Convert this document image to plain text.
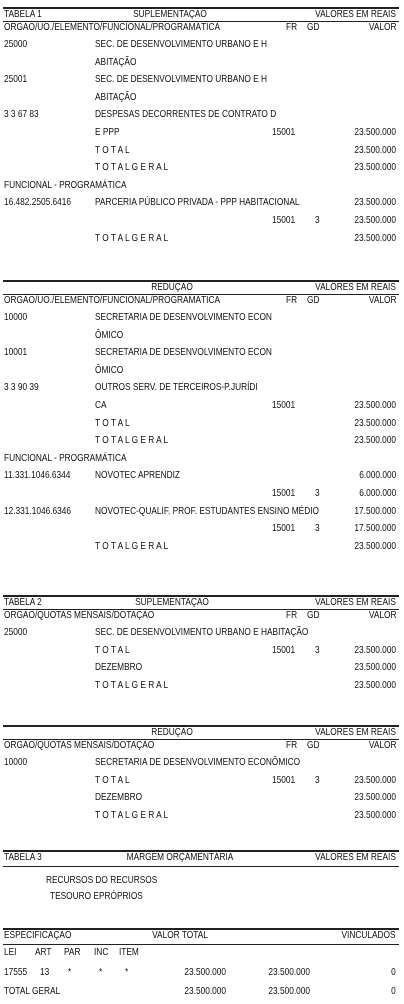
TABELA 1	SUPLEMENTAÇÃO	VALORES EM REAIS
ORGÃO/UO./ELEMENTO/FUNCIONAL/PROGRAMÁTICA	FR GD	VALOR
25000	SEC. DE DESENVOLVIMENTO URBANO E H
ABITAÇÃO
25001	SEC. DE DESENVOLVIMENTO URBANO E H
ABITAÇÃO
3 3 67 83	DESPESAS DECORRENTES DE CONTRATO D
E PPP	15001	23.500.000
T O T A L	23.500.000
T O T A L G E R A L	23.500.000
FUNCIONAL - PROGRAMÁTICA
16.482.2505.6416 PARCERIA PÚBLICO PRIVADA - PPP HABITACIONAL	23.500.000
15001 3	23.500.000
T O T A L G E R A L	23.500.000
REDUÇÃO	VALORES EM REAIS
ORGÃO/UO./ELEMENTO/FUNCIONAL/PROGRAMÁTICA	FR GD	VALOR
10000	SECRETARIA DE DESENVOLVIMENTO ECON
ÔMICO
10001	SECRETARIA DE DESENVOLVIMENTO ECON
ÔMICO
3 3 90 39	OUTROS SERV. DE TERCEIROS-P.JURÍDI
CA	15001	23.500.000
T O T A L	23.500.000
T O T A L G E R A L	23.500.000
FUNCIONAL - PROGRAMÁTICA
11.331.1046.6344 NOVOTEC APRENDIZ	6.000.000
15001 3	6.000.000
12.331.1046.6346 NOVOTEC-QUALIF. PROF. ESTUDANTES ENSINO MÉDIO	17.500.000
15001 3	17.500.000
T O T A L G E R A L	23.500.000
TABELA 2	SUPLEMENTAÇÃO	VALORES EM REAIS
ORGÃO/QUOTAS MENSAIS/DOTAÇÃO	FR GD	VALOR
25000	SEC. DE DESENVOLVIMENTO URBANO E HABITAÇÃO
T O T A L	15001 3	23.500.000
DEZEMBRO	23.500.000
T O T A L G E R A L	23.500.000
REDUÇÃO	VALORES EM REAIS
ORGÃO/QUOTAS MENSAIS/DOTAÇÃO	FR GD	VALOR
10000	SECRETARIA DE DESENVOLVIMENTO ECONÔMICO
T O T A L	15001 3	23.500.000
DEZEMBRO	23.500.000
T O T A L G E R A L	23.500.000
TABELA 3	MARGEM ORÇAMENTÁRIA	VALORES EM REAIS
RECURSOS DO RECURSOS
TESOURO EPRÓPRIOS
ESPECIFICAÇÃO	VALOR TOTAL	VINCULADOS
LEI ART PAR INC ITEM
17555 13 *	* *	23.500.000	23.500.000	0
TOTAL GERAL	23.500.000	23.500.000	0
